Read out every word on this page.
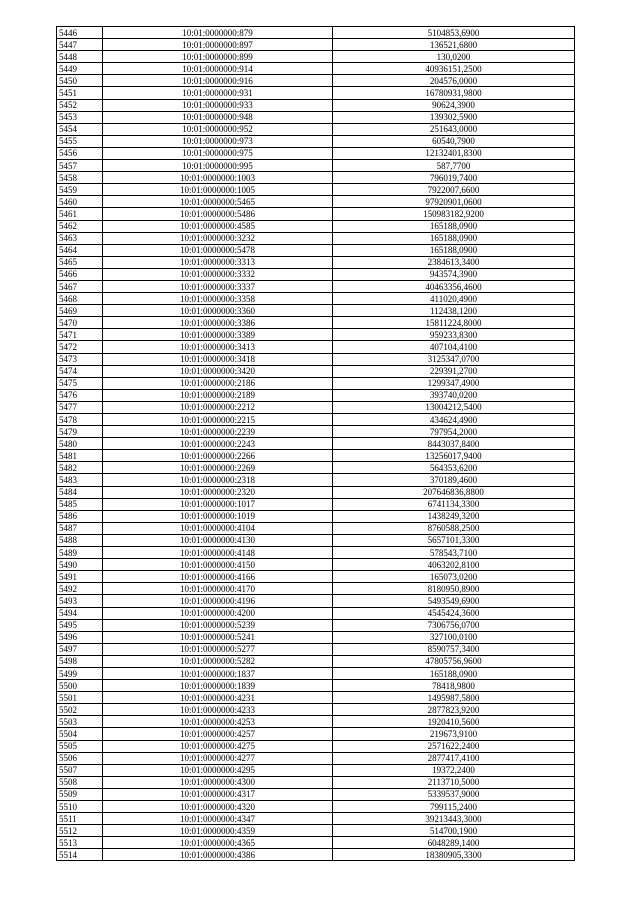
5446	10:01:0000000:879	5104853,6900
5447	10:01:0000000:897	136521,6800
5448	10:01:0000000:899	130,0200
5449	10:01:0000000:914	40936151,2500
5450	10:01:0000000:916	204576,0000
5451	10:01:0000000:931	16780931,9800
5452	10:01:0000000:933	90624,3900
5453	10:01:0000000:948	139302,5900
5454	10:01:0000000:952	251643,0000
5455	10:01:0000000:973	60540,7900
5456	10:01:0000000:975	12132401,8300
5457	10:01:0000000:995	587,7700
5458	10:01:0000000:1003	796019,7400
5459	10:01:0000000:1005	7922007,6600
5460	10:01:0000000:5465	97920901,0600
5461	10:01:0000000:5486	150983182,9200
5462	10:01:0000000:4585	165188,0900
5463	10:01:0000000:3232	165188,0900
5464	10:01:0000000:5478	165188,0900
5465	10:01:0000000:3313	2384613,3400
5466	10:01:0000000:3332	943574,3900
5467	10:01:0000000:3337	40463356,4600
5468	10:01:0000000:3358	411020,4900
5469	10:01:0000000:3360	112438,1200
5470	10:01:0000000:3386	15811224,8000
5471	10:01:0000000:3389	959233,8300
5472	10:01:0000000:3413	407104,4100
5473	10:01:0000000:3418	3125347,0700
5474	10:01:0000000:3420	229391,2700
5475	10:01:0000000:2186	1299347,4900
5476	10:01:0000000:2189	393740,0200
5477	10:01:0000000:2212	13004212,5400
5478	10:01:0000000:2215	434624,4900
5479	10:01:0000000:2239	797954,2000
5480	10:01:0000000:2243	8443037,8400
5481	10:01:0000000:2266	13256017,9400
5482	10:01:0000000:2269	564353,6200
5483	10:01:0000000:2318	370189,4600
5484	10:01:0000000:2320	207646836,8800
5485	10:01:0000000:1017	6741134,3300
5486	10:01:0000000:1019	1438249,3200
5487	10:01:0000000:4104	8760588,2500
5488	10:01:0000000:4130	5657101,3300
5489	10:01:0000000:4148	578543,7100
5490	10:01:0000000:4150	4063202,8100
5491	10:01:0000000:4166	165073,0200
5492	10:01:0000000:4170	8180950,8900
5493	10:01:0000000:4196	5493549,6900
5494	10:01:0000000:4200	4545424,3600
5495	10:01:0000000:5239	7306756,0700
5496	10:01:0000000:5241	327100,0100
5497	10:01:0000000:5277	8590757,3400
5498	10:01:0000000:5282	47805756,9600
5499	10:01:0000000:1837	165188,0900
5500	10:01:0000000:1839	78418,9800
5501	10:01:0000000:4231	1495987,5800
5502	10:01:0000000:4233	2877823,9200
5503	10:01:0000000:4253	1920410,5600
5504	10:01:0000000:4257	219673,9100
5505	10:01:0000000:4275	2571622,2400
5506	10:01:0000000:4277	2877417,4100
5507	10:01:0000000:4295	19372,2400
5508	10:01:0000000:4300	2113710,5000
5509	10:01:0000000:4317	5339537,9000
5510	10:01:0000000:4320	799115,2400
5511	10:01:0000000:4347	39213443,3000
5512	10:01:0000000:4359	514700,1900
5513	10:01:0000000:4365	6048289,1400
5514	10:01:0000000:4386	18380905,3300
